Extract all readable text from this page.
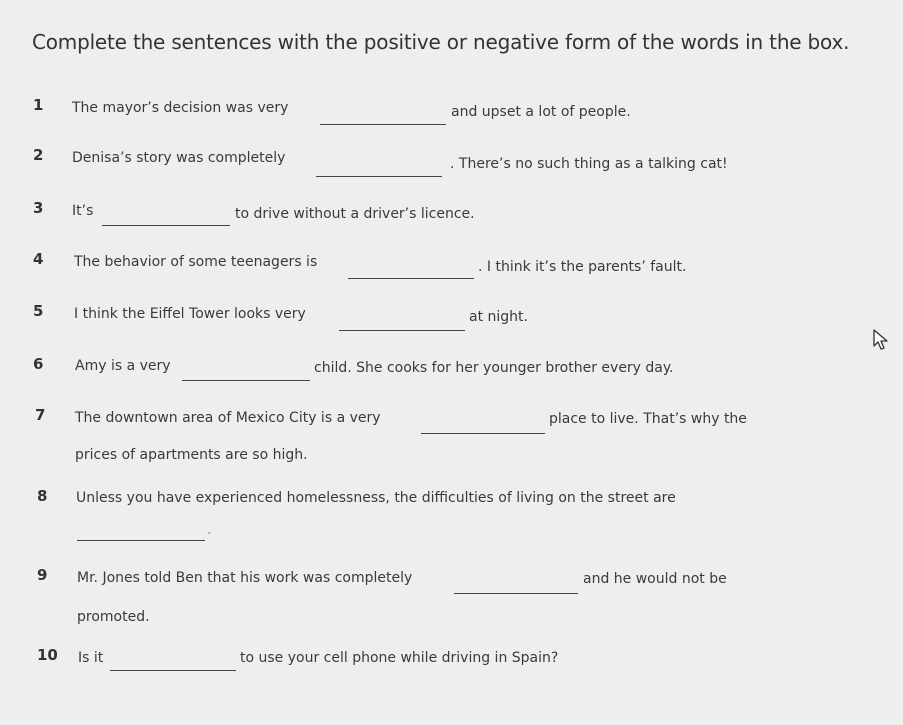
Complete the sentences with the positive or negative form of the words in the box.
1 The mayor’s decision was very	and upset a lot of people.
2 Denisa’s story was completely	. There’s no such thing as a talking cat!
3 It’s	to drive without a driver’s licence.
4 The behavior of some teenagers is	. I think it’s the parents’ fault.
5 I think the Eiffel Tower looks very	at night.
6 Amy is a very	child. She cooks for her younger brother every day.
7 The downtown area of Mexico City is a very	place to live. That’s why the
prices of apartments are so high.
8 Unless you have experienced homelessness, the difficulties of living on the street are
.
9 Mr. Jones told Ben that his work was completely	and he would not be
promoted.
10 Is it	to use your cell phone while driving in Spain?
